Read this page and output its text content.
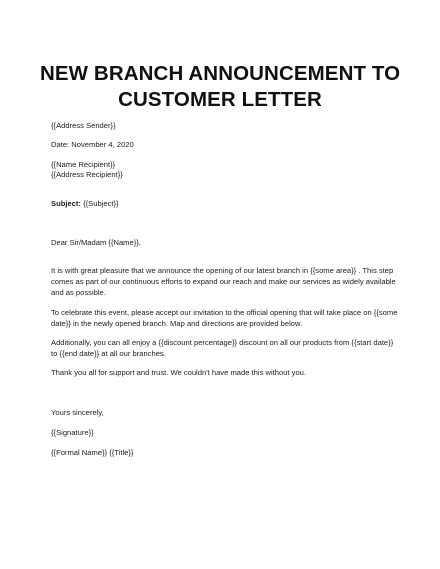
NEW BRANCH ANNOUNCEMENT TO
CUSTOMER LETTER
{{Address Sender}}
Date: November 4, 2020
{{Name Recipient}}
{{Address Recipient}}
Subject: {{Subject}}
Dear Sir/Madam {{Name}},
It is with great pleasure that we announce the opening of our latest branch in {{some area}} . This step
comes as part of our continuous efforts to expand our reach and make our services as widely available
and as possible.
To celebrate this event, please accept our invitation to the official opening that will take place on {{some
date}} in the newly opened branch. Map and directions are provided below.
Additionally, you can all enjoy a {{discount percentage}} discount on all our products from {{start date}}
to {{end date}} at all our branches.
Thank you all for support and trust. We couldn't have made this without you.
Yours sincerely,
{{Signature}}
{{Formal Name}} {{Title}}
